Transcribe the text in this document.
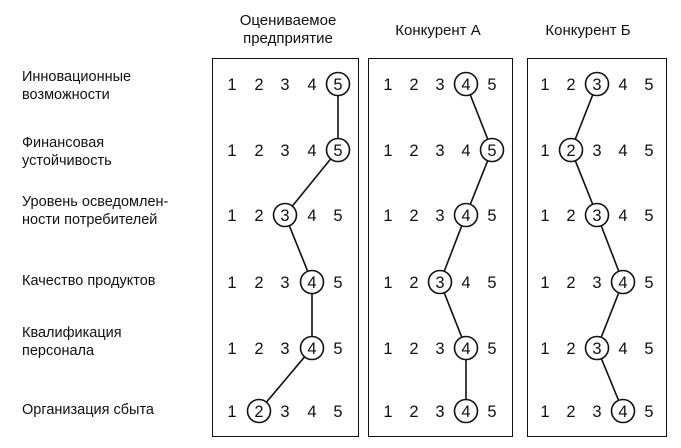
Оцениваемое
предприятие	Конкурент А	Конкурент Б
Инновационные
возможности
Финансовая
устойчивость
Уровень осведомлен-
ности потребителей
Качество продуктов
Квалификация
персонала
Организация сбыта
1 2 3 4 5
1 2 3 4 5
1 2 3 4 5
1 2 3 4 5
1 2 3 4 5
1 2 3 4 5
1 2 3 4 5
1 2 3 4 5
1 2 3 4 5
1 2 3 4 5
1 2 3 4 5
1 2 3 4 5
1 2 3 4 5
1 2 3 4 5
1 2 3 4 5
1 2 3 4 5
1 2 3 4 5
1 2 3 4 5
